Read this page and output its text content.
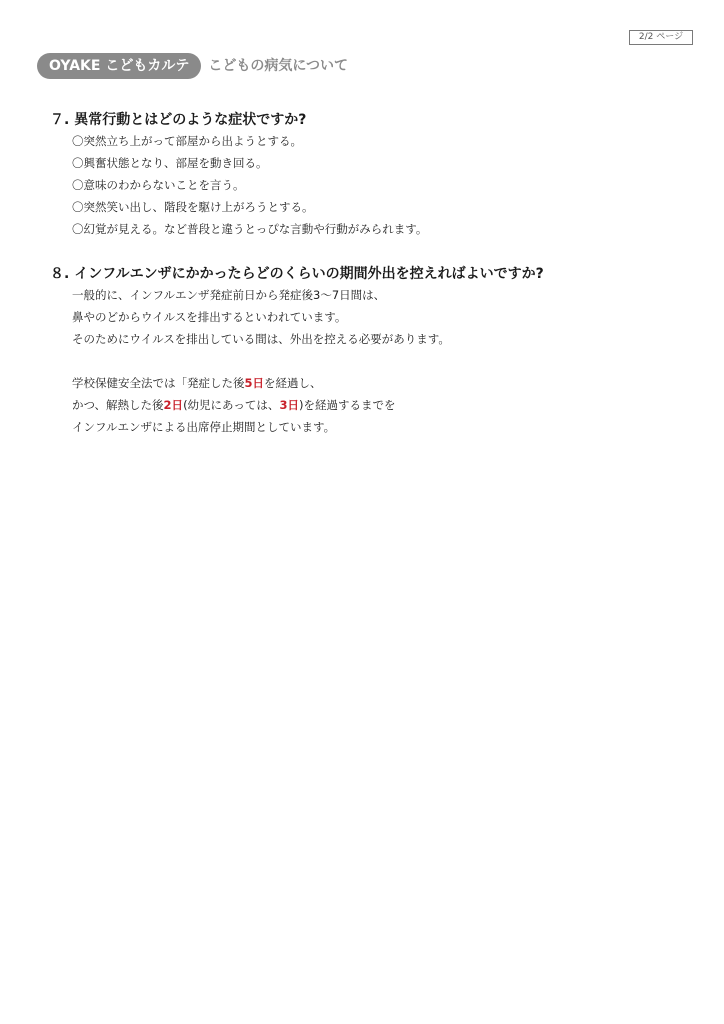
2/2 ページ
OYAKE こどもカルテ	こどもの病気について
７. 異常行動とはどのような症状ですか?
〇突然立ち上がって部屋から出ようとする。
〇興奮状態となり、部屋を動き回る。
〇意味のわからないことを言う。
〇突然笑い出し、階段を駆け上がろうとする。
〇幻覚が見える。など普段と違うとっぴな言動や行動がみられます。
８. インフルエンザにかかったらどのくらいの期間外出を控えればよいですか?
一般的に、インフルエンザ発症前日から発症後3〜7日間は、
鼻やのどからウイルスを排出するといわれています。
そのためにウイルスを排出している間は、外出を控える必要があります。
学校保健安全法では「発症した後5日を経過し、
かつ、解熱した後2日(幼児にあっては、3日)を経過するまでを
インフルエンザによる出席停止期間としています。
